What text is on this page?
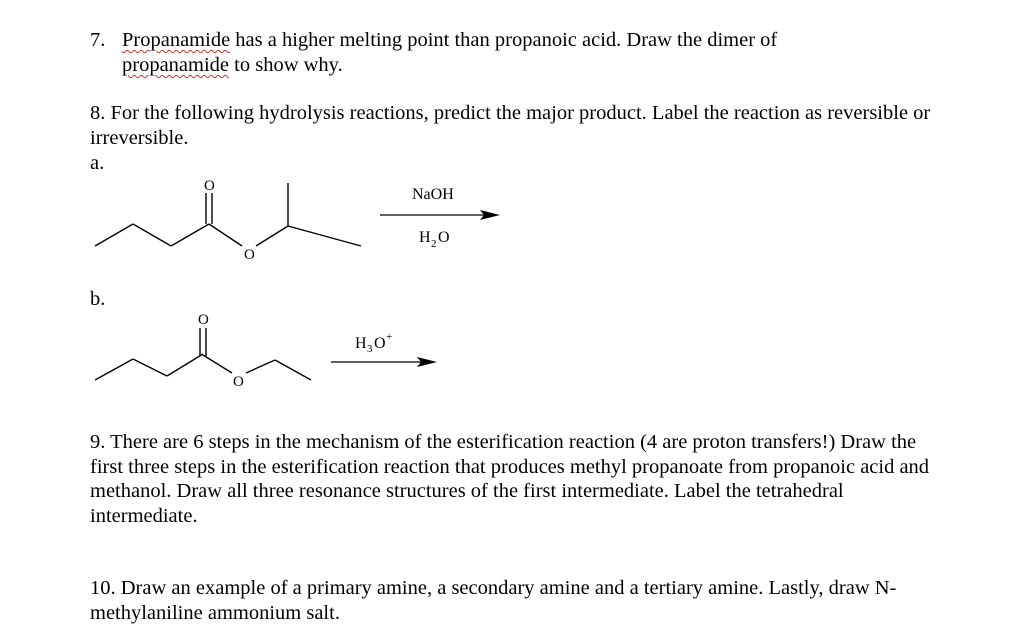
7. Propanamide has a higher melting point than propanoic acid. Draw the dimer of
propanamide to show why.
8. For the following hydrolysis reactions, predict the major product. Label the reaction as reversible or irreversible.
a.
b.
O
O
NaOH
H 2 O
O
O
H 3 O +
9. There are 6 steps in the mechanism of the esterification reaction (4 are proton transfers!) Draw the first three steps in the esterification reaction that produces methyl propanoate from propanoic acid and methanol. Draw all three resonance structures of the first intermediate. Label the tetrahedral intermediate.
10. Draw an example of a primary amine, a secondary amine and a tertiary amine. Lastly, draw N-methylaniline ammonium salt.
